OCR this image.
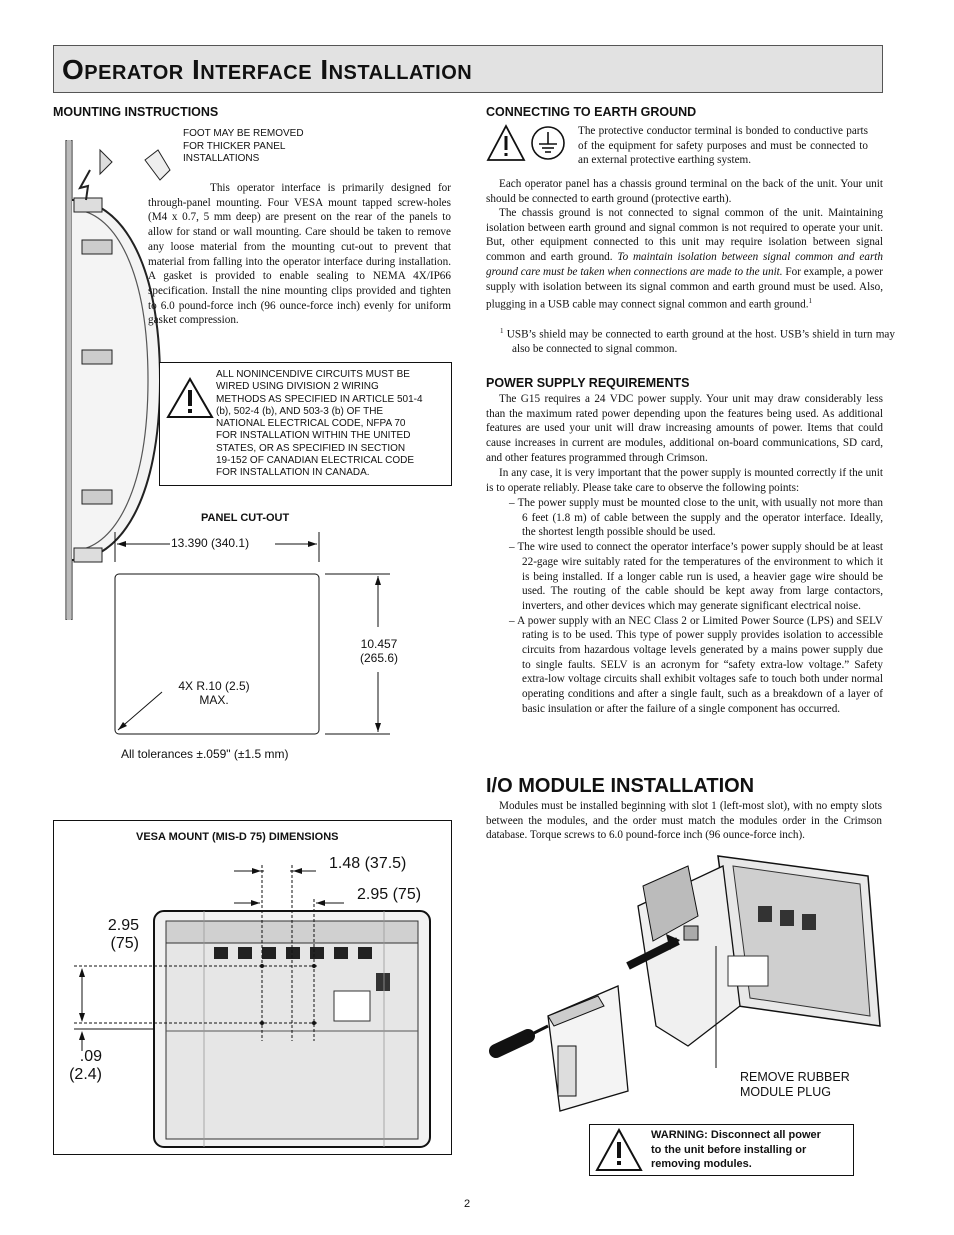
Operator Interface Installation
MOUNTING INSTRUCTIONS
FOOT MAY BE REMOVED
FOR THICKER PANEL
INSTALLATIONS

This operator interface is primarily designed for through-panel mounting. Four VESA mount tapped screw-holes (M4 x 0.7, 5 mm deep) are present on the rear of the panels to allow for stand or wall mounting. Care should be taken to remove any loose material from the mounting cut-out to prevent that material from falling into the operator interface during installation. A gasket is provided to enable sealing to NEMA 4X/IP66 specification. Install the nine mounting clips provided and tighten to 6.0 pound-force inch (96 ounce-force inch) evenly for uniform gasket compression.

ALL NONINCENDIVE CIRCUITS MUST BE
WIRED USING DIVISION 2 WIRING
METHODS AS SPECIFIED IN ARTICLE 501-4
(b), 502-4 (b), AND 503-3 (b) OF THE
NATIONAL ELECTRICAL CODE, NFPA 70
FOR INSTALLATION WITHIN THE UNITED
STATES, OR AS SPECIFIED IN SECTION
19-152 OF CANADIAN ELECTRICAL CODE
FOR INSTALLATION IN CANADA.
PANEL CUT-OUT
13.390 (340.1)
10.457
(265.6)
4X R.10 (2.5)
MAX.
All tolerances ±.059" (±1.5 mm)
VESA MOUNT (MIS-D 75) DIMENSIONS
1.48 (37.5)
2.95 (75)
2.95
(75)
.09
(2.4)
CONNECTING TO EARTH GROUND

The protective conductor terminal is bonded to conductive parts of the equipment for safety purposes and must be connected to an external protective earthing system.

Each operator panel has a chassis ground terminal on the back of the unit. Your unit should be connected to earth ground (protective earth).

The chassis ground is not connected to signal common of the unit. Maintaining isolation between earth ground and signal common is not required to operate your unit. But, other equipment connected to this unit may require isolation between signal common and earth ground. To maintain isolation between signal common and earth ground care must be taken when connections are made to the unit. For example, a power supply with isolation between its signal common and earth ground must be used. Also, plugging in a USB cable may connect signal common and earth ground.$^1$

$^1$ USB’s shield may be connected to earth ground at the host. USB’s shield in turn may also be connected to signal common.

POWER SUPPLY REQUIREMENTS

The G15 requires a 24 VDC power supply. Your unit may draw considerably less than the maximum rated power depending upon the features being used. As additional features are used your unit will draw increasing amounts of power. Items that could cause increases in current are modules, additional on-board communications, SD card, and other features programmed through Crimson.

In any case, it is very important that the power supply is mounted correctly if the unit is to operate reliably. Please take care to observe the following points:

– The power supply must be mounted close to the unit, with usually not more than 6 feet (1.8 m) of cable between the supply and the operator interface. Ideally, the shortest length possible should be used.

– The wire used to connect the operator interface’s power supply should be at least 22-gage wire suitably rated for the temperatures of the environment to which it is being installed. If a longer cable run is used, a heavier gage wire should be used. The routing of the cable should be kept away from large contactors, inverters, and other devices which may generate significant electrical noise.

– A power supply with an NEC Class 2 or Limited Power Source (LPS) and SELV rating is to be used. This type of power supply provides isolation to accessible circuits from hazardous voltage levels generated by a mains power supply due to single faults. SELV is an acronym for “safety extra-low voltage.” Safety extra-low voltage circuits shall exhibit voltages safe to touch both under normal operating conditions and after a single fault, such as a breakdown of a layer of basic insulation or after the failure of a single component has occurred.

I/O MODULE INSTALLATION

Modules must be installed beginning with slot 1 (left-most slot), with no empty slots between the modules, and the order must match the modules order in the Crimson database. Torque screws to 6.0 pound-force inch (96 ounce-force inch).

REMOVE RUBBER
MODULE PLUG
WARNING: Disconnect all power
to the unit before installing or
removing modules.
2
